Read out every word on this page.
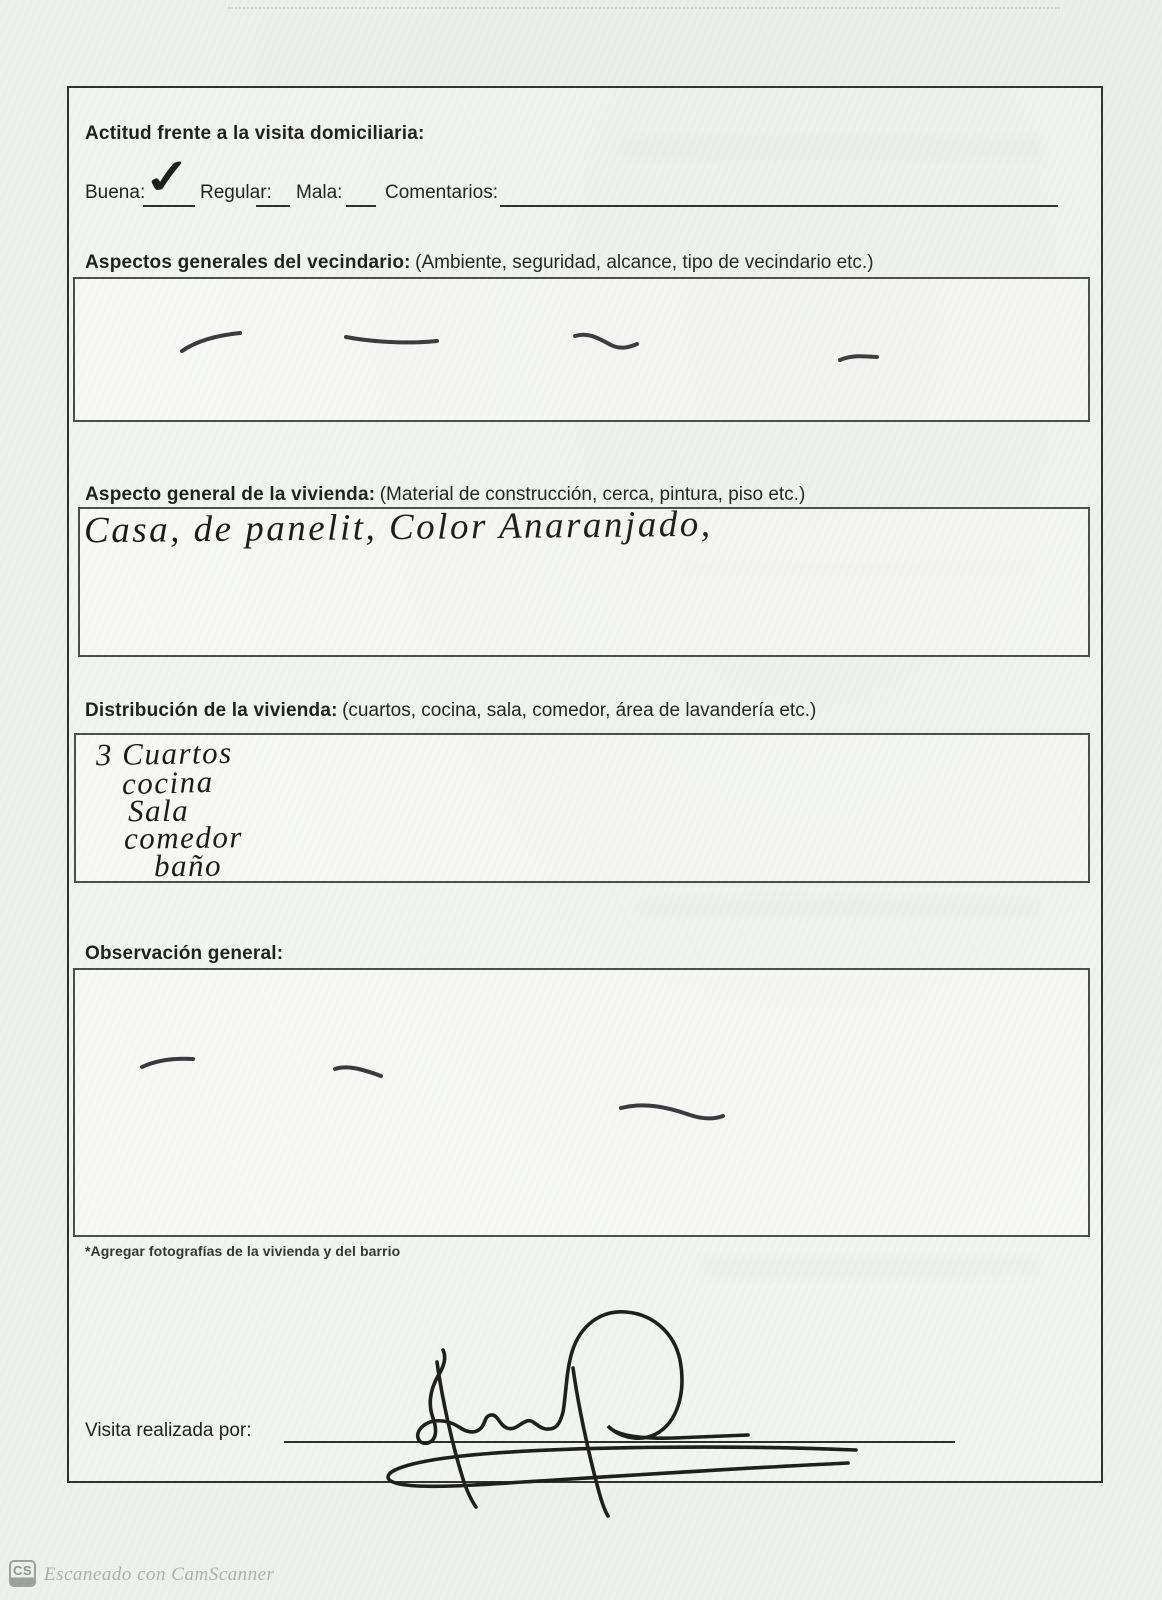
Actitud frente a la visita domiciliaria:
Buena:
✓ Regular: Mala: Comentarios:
Aspectos generales del vecindario: (Ambiente, seguridad, alcance, tipo de vecindario etc.)
Aspecto general de la vivienda: (Material de construcción, cerca, pintura, piso etc.)
Casa, de panelit, Color Anaranjado,
Distribución de la vivienda: (cuartos, cocina, sala, comedor, área de lavandería etc.)
3 Cuartos
cocina
Sala
comedor
baño
Observación general:
*Agregar fotografías de la vivienda y del barrio
Visita realizada por:
CS Escaneado con CamScanner
